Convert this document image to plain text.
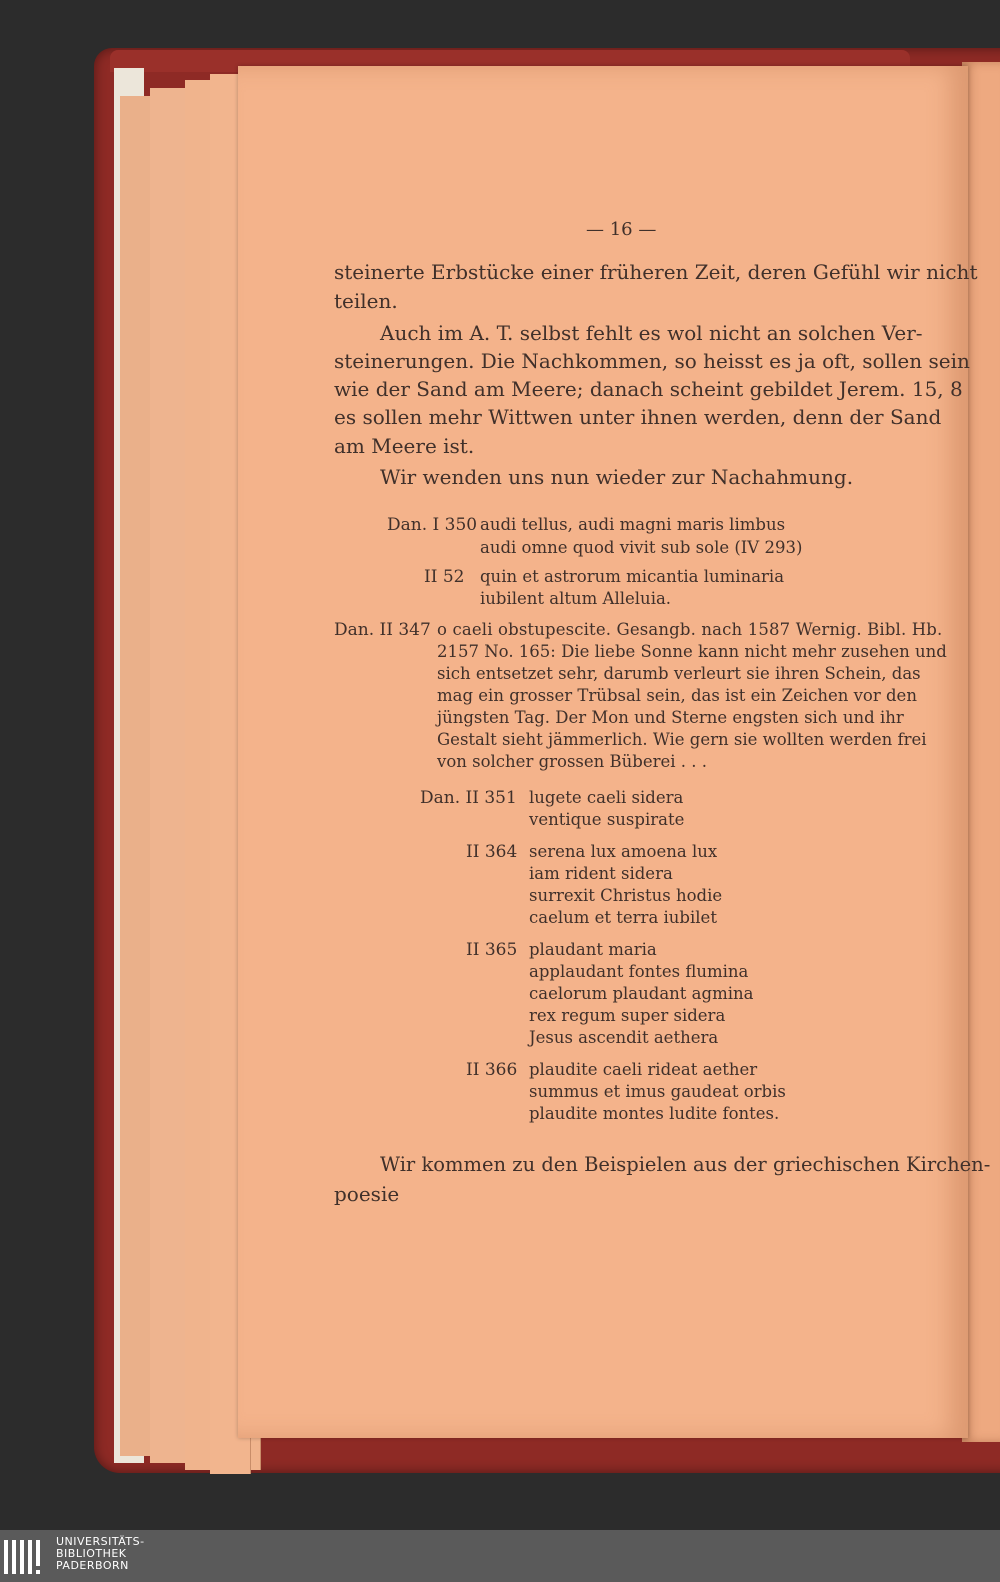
— 16 —
steinerte Erbstücke einer früheren Zeit, deren Gefühl wir nicht
teilen.
Auch im A. T. selbst fehlt es wol nicht an solchen Ver-
steinerungen. Die Nachkommen, so heisst es ja oft, sollen sein
wie der Sand am Meere; danach scheint gebildet Jerem. 15, 8
es sollen mehr Wittwen unter ihnen werden, denn der Sand
am Meere ist.
Wir wenden uns nun wieder zur Nachahmung.
Dan. I 350 audi tellus, audi magni maris limbus
audi omne quod vivit sub sole (IV 293)
II 52 quin et astrorum micantia luminaria
iubilent altum Alleluia.
Dan. II 347 o caeli obstupescite. Gesangb. nach 1587 Wernig. Bibl. Hb.
2157 No. 165: Die liebe Sonne kann nicht mehr zusehen und
sich entsetzet sehr, darumb verleurt sie ihren Schein, das
mag ein grosser Trübsal sein, das ist ein Zeichen vor den
jüngsten Tag. Der Mon und Sterne engsten sich und ihr
Gestalt sieht jämmerlich. Wie gern sie wollten werden frei
von solcher grossen Büberei . . .
Dan. II 351 lugete caeli sidera
ventique suspirate
II 364 serena lux amoena lux
iam rident sidera
surrexit Christus hodie
caelum et terra iubilet
II 365 plaudant maria
applaudant fontes flumina
caelorum plaudant agmina
rex regum super sidera
Jesus ascendit aethera
II 366 plaudite caeli rideat aether
summus et imus gaudeat orbis
plaudite montes ludite fontes.
Wir kommen zu den Beispielen aus der griechischen Kirchen-
poesie
UNIVERSITÄTS-
BIBLIOTHEK
PADERBORN
